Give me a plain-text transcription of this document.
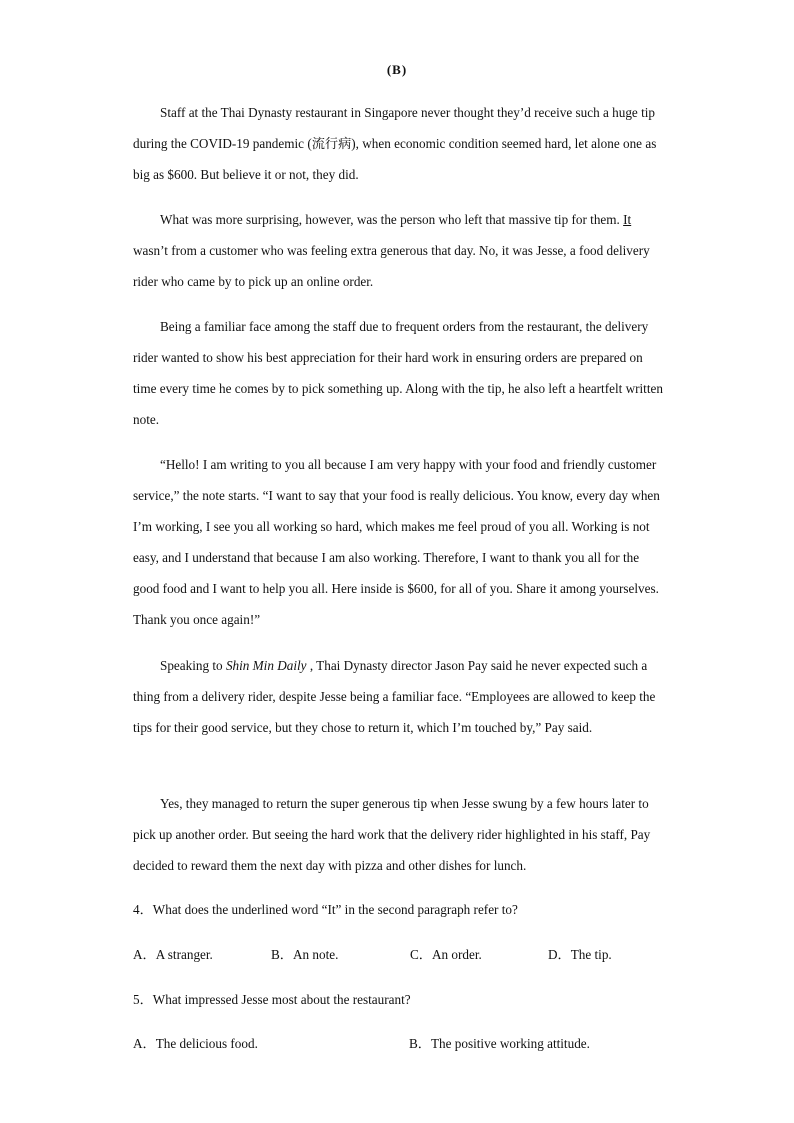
(B)
Staff at the Thai Dynasty restaurant in Singapore never thought they’d receive such a huge tip during the COVID-19 pandemic (流行病), when economic condition seemed hard, let alone one as big as $600. But believe it or not, they did.
What was more surprising, however, was the person who left that massive tip for them. It wasn’t from a customer who was feeling extra generous that day. No, it was Jesse, a food delivery rider who came by to pick up an online order.
Being a familiar face among the staff due to frequent orders from the restaurant, the delivery rider wanted to show his best appreciation for their hard work in ensuring orders are prepared on time every time he comes by to pick something up. Along with the tip, he also left a heartfelt written note.
“Hello! I am writing to you all because I am very happy with your food and friendly customer service,” the note starts. “I want to say that your food is really delicious. You know, every day when I’m working, I see you all working so hard, which makes me feel proud of you all. Working is not easy, and I understand that because I am also working. Therefore, I want to thank you all for the good food and I want to help you all. Here inside is $600, for all of you. Share it among yourselves. Thank you once again!”
Speaking to Shin Min Daily , Thai Dynasty director Jason Pay said he never expected such a thing from a delivery rider, despite Jesse being a familiar face. “Employees are allowed to keep the tips for their good service, but they chose to return it, which I’m touched by,” Pay said.
Yes, they managed to return the super generous tip when Jesse swung by a few hours later to pick up another order. But seeing the hard work that the delivery rider highlighted in his staff, Pay decided to reward them the next day with pizza and other dishes for lunch.
4．What does the underlined word “It” in the second paragraph refer to?
A．A stranger.	B．An note.	C．An order.	D．The tip.
5．What impressed Jesse most about the restaurant?
A．The delicious food.	B．The positive working attitude.
